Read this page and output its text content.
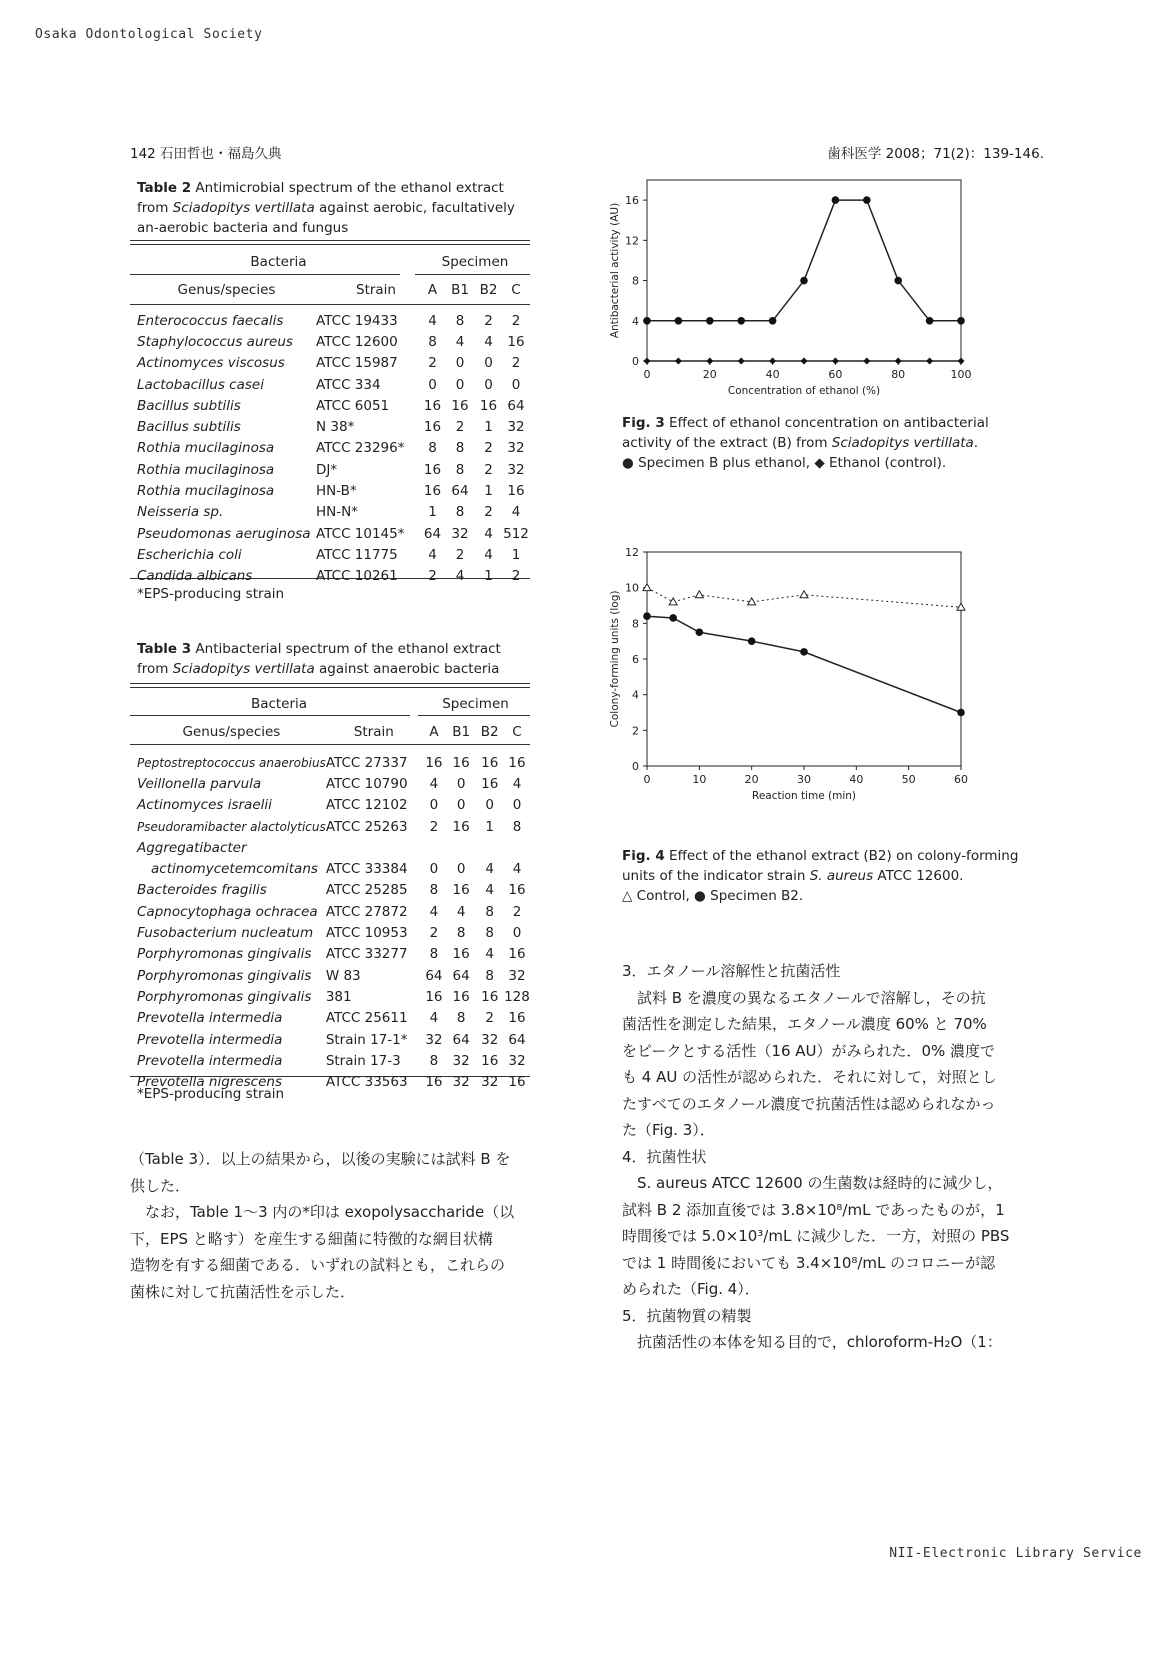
Osaka Odontological Society
142 石田哲也・福島久典	歯科医学 2008；71(2)：139-146.
NII-Electronic Library Service
Table 2 Antimicrobial spectrum of the ethanol extract from Sciadopitys vertillata against aerobic, facultatively an-aerobic bacteria and fungus
Bacteria		Specimen			
Genus/species	Strain	A	B1	B2	C

Enterococcus faecalis	ATCC 19433	4	8	2	2
Staphylococcus aureus	ATCC 12600	8	4	4	16
Actinomyces viscosus	ATCC 15987	2	0	0	2
Lactobacillus casei	ATCC 334	0	0	0	0
Bacillus subtilis	ATCC 6051	16	16	16	64
Bacillus subtilis	N 38*	16	2	1	32
Rothia mucilaginosa	ATCC 23296*	8	8	2	32
Rothia mucilaginosa	DJ*	16	8	2	32
Rothia mucilaginosa	HN-B*	16	64	1	16
Neisseria sp.	HN-N*	1	8	2	4
Pseudomonas aeruginosa	ATCC 10145*	64	32	4	512
Escherichia coli	ATCC 11775	4	2	4	1
Candida albicans	ATCC 10261	2	4	1	2
*EPS-producing strain
Table 3 Antibacterial spectrum of the ethanol extract from Sciadopitys vertillata against anaerobic bacteria
Bacteria		Specimen			
Genus/species	Strain	A	B1	B2	C

Peptostreptococcus anaerobius	ATCC 27337	16	16	16	16
Veillonella parvula	ATCC 10790	4	0	16	4
Actinomyces israelii	ATCC 12102	0	0	0	0
Pseudoramibacter alactolyticus	ATCC 25263	2	16	1	8
Aggregatibacter					
actinomycetemcomitans	ATCC 33384	0	0	4	4
Bacteroides fragilis	ATCC 25285	8	16	4	16
Capnocytophaga ochracea	ATCC 27872	4	4	8	2
Fusobacterium nucleatum	ATCC 10953	2	8	8	0
Porphyromonas gingivalis	ATCC 33277	8	16	4	16
Porphyromonas gingivalis	W 83	64	64	8	32
Porphyromonas gingivalis	381	16	16	16	128
Prevotella intermedia	ATCC 25611	4	8	2	16
Prevotella intermedia	Strain 17-1*	32	64	32	64
Prevotella intermedia	Strain 17-3	8	32	16	32
Prevotella nigrescens	ATCC 33563	16	32	32	16
*EPS-producing strain

（Table 3）．以上の結果から，以後の実験には試料 B を

供した．

なお，Table 1〜3 内の*印は exopolysaccharide（以

下，EPS と略す）を産生する細菌に特徴的な網目状構

造物を有する細菌である．いずれの試料とも，これらの

菌株に対して抗菌活性を示した．

0	20	40	60	80	100
0
4
8
12
16
Concentration of ethanol (%)
Antibacterial activity (AU)
Fig. 3 Effect of ethanol concentration on antibacterial
activity of the extract (B) from Sciadopitys vertillata.
● Specimen B plus ethanol, ◆ Ethanol (control).
0	10	20	30	40	50	60
0
2
4
6
8
10
12
Reaction time (min)
Colony-forming units (log)
Fig. 4 Effect of the ethanol extract (B2) on colony-forming
units of the indicator strain S. aureus ATCC 12600.
△ Control, ● Specimen B2.

3．エタノール溶解性と抗菌活性

試料 B を濃度の異なるエタノールで溶解し，その抗

菌活性を測定した結果，エタノール濃度 60% と 70%

をピークとする活性（16 AU）がみられた．0% 濃度で

も 4 AU の活性が認められた．それに対して，対照とし

たすべてのエタノール濃度で抗菌活性は認められなかっ

た（Fig. 3）．

4．抗菌性状

S. aureus ATCC 12600 の生菌数は経時的に減少し，

試料 B 2 添加直後では 3.8×10⁸/mL であったものが，1

時間後では 5.0×10³/mL に減少した．一方，対照の PBS

では 1 時間後においても 3.4×10⁸/mL のコロニーが認

められた（Fig. 4）．

5．抗菌物質の精製

抗菌活性の本体を知る目的で，chloroform-H₂O（1：
